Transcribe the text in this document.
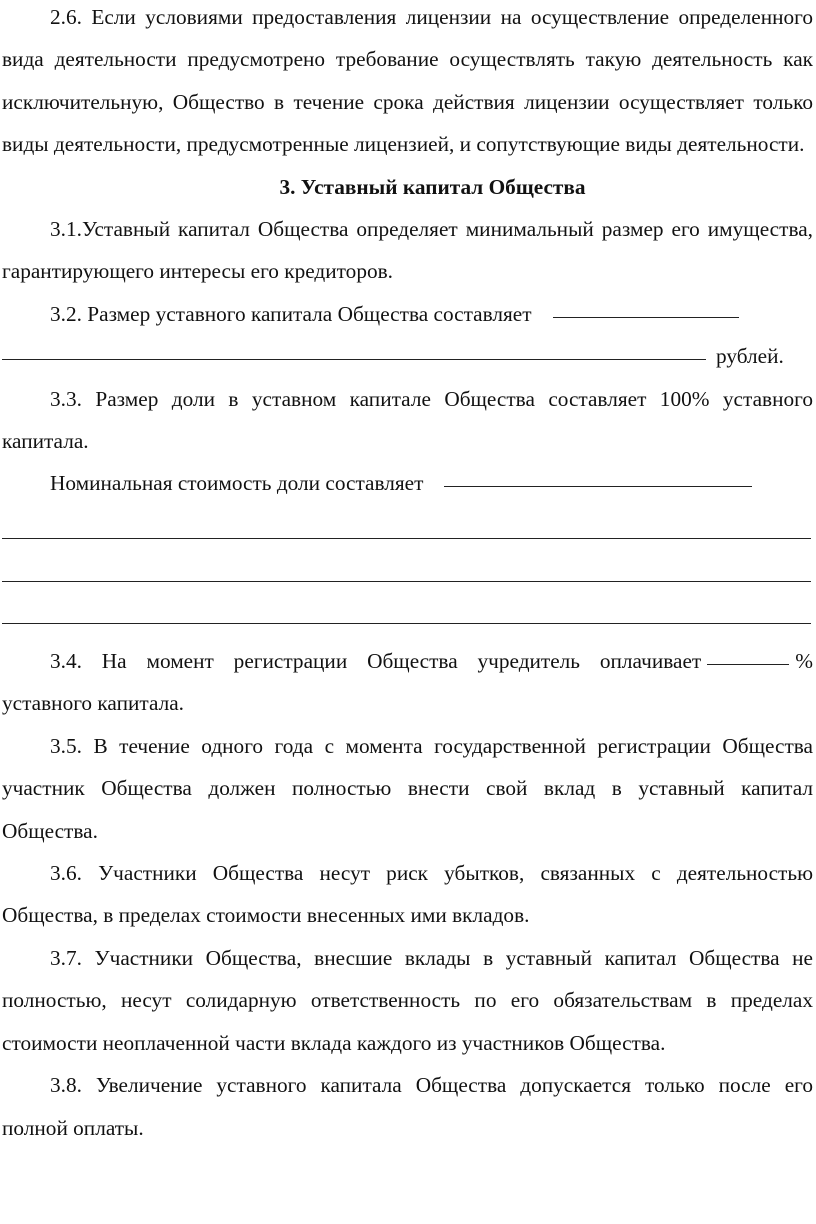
2.6. Если условиями предоставления лицензии на осуществление определенного вида деятельности предусмотрено требование осуществлять такую деятельность как исключительную, Общество в течение срока действия лицензии осуществляет только виды деятельности, предусмотренные лицензией, и сопутствующие виды деятельности.

3. Уставный капитал Общества

3.1.Уставный капитал Общества определяет минимальный размер его имущества, гарантирующего интересы его кредиторов.

3.2. Размер уставного капитала Общества составляет
рублей.

3.3. Размер доли в уставном капитале Общества составляет 100% уставного капитала.

Номинальная стоимость доли составляет

3.4. На момент регистрации Общества учредитель оплачивает	% уставного капитала.

3.5. В течение одного года с момента государственной регистрации Общества участник Общества должен полностью внести свой вклад в уставный капитал Общества.

3.6. Участники Общества несут риск убытков, связанных с деятельностью Общества, в пределах стоимости внесенных ими вкладов.

3.7. Участники Общества, внесшие вклады в уставный капитал Общества не полностью, несут солидарную ответственность по его обязательствам в пределах стоимости неоплаченной части вклада каждого из участников Общества.

3.8. Увеличение уставного капитала Общества допускается только после его полной оплаты.
